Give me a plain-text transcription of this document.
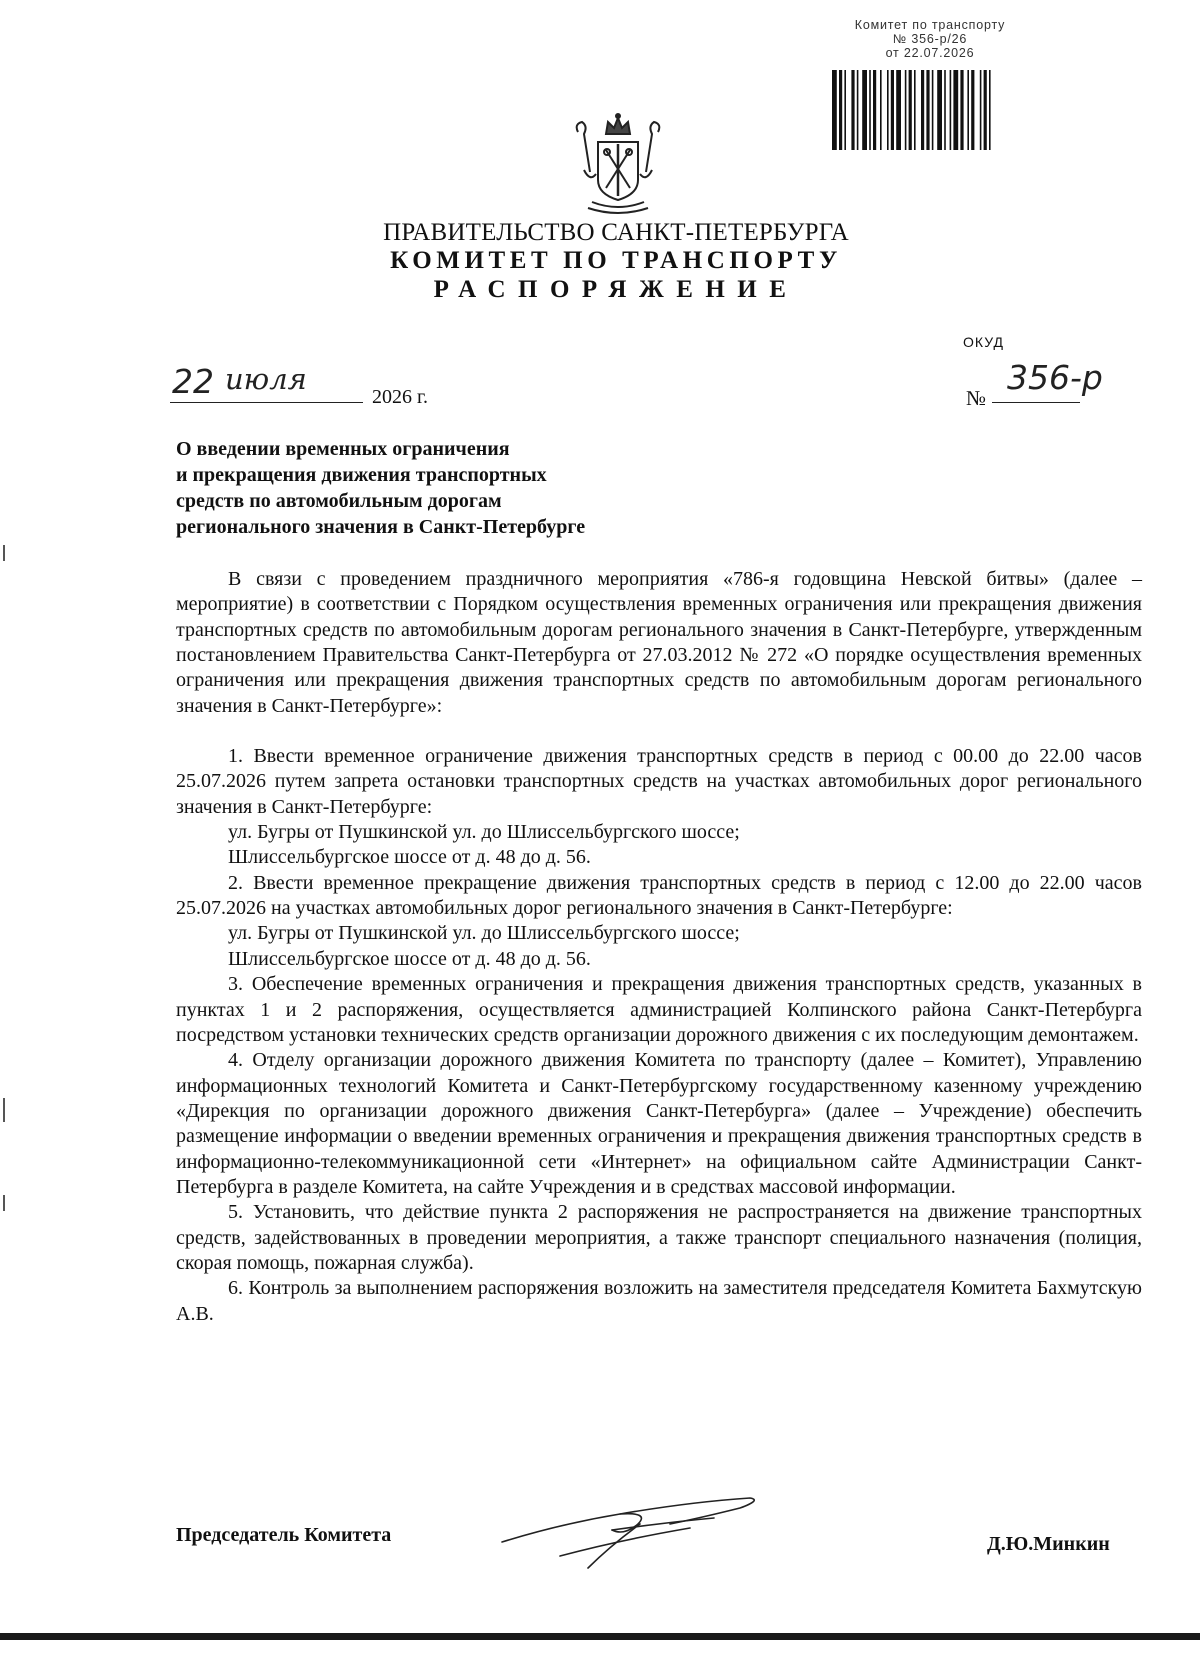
Комитет по транспорту
№ 356-р/26
от 22.07.2026
ПРАВИТЕЛЬСТВО САНКТ-ПЕТЕРБУРГА
КОМИТЕТ ПО ТРАНСПОРТУ
РАСПОРЯЖЕНИЕ
ОКУД
22 июля
2026 г.	№
356-р
О введении временных ограничения
и прекращения движения транспортных
средств по автомобильным дорогам
регионального значения в Санкт-Петербурге
В связи с проведением праздничного мероприятия «786-я годовщина Невской битвы» (далее – мероприятие) в соответствии с Порядком осуществления временных ограничения или прекращения движения транспортных средств по автомобильным дорогам регионального значения в Санкт-Петербурге, утвержденным постановлением Правительства Санкт-Петербурга от 27.03.2012 № 272 «О порядке осуществления временных ограничения или прекращения движения транспортных средств по автомобильным дорогам регионального значения в Санкт-Петербурге»:
1. Ввести временное ограничение движения транспортных средств в период с 00.00 до 22.00 часов 25.07.2026 путем запрета остановки транспортных средств на участках автомобильных дорог регионального значения в Санкт-Петербурге:
ул. Бугры от Пушкинской ул. до Шлиссельбургского шоссе;
Шлиссельбургское шоссе от д. 48 до д. 56.
2. Ввести временное прекращение движения транспортных средств в период с 12.00 до 22.00 часов 25.07.2026 на участках автомобильных дорог регионального значения в Санкт-Петербурге:
ул. Бугры от Пушкинской ул. до Шлиссельбургского шоссе;
Шлиссельбургское шоссе от д. 48 до д. 56.
3. Обеспечение временных ограничения и прекращения движения транспортных средств, указанных в пунктах 1 и 2 распоряжения, осуществляется администрацией Колпинского района Санкт-Петербурга посредством установки технических средств организации дорожного движения с их последующим демонтажем.
4. Отделу организации дорожного движения Комитета по транспорту (далее – Комитет), Управлению информационных технологий Комитета и Санкт-Петербургскому государственному казенному учреждению «Дирекция по организации дорожного движения Санкт-Петербурга» (далее – Учреждение) обеспечить размещение информации о введении временных ограничения и прекращения движения транспортных средств в информационно-телекоммуникационной сети «Интернет» на официальном сайте Администрации Санкт-Петербурга в разделе Комитета, на сайте Учреждения и в средствах массовой информации.
5. Установить, что действие пункта 2 распоряжения не распространяется на движение транспортных средств, задействованных в проведении мероприятия, а также транспорт специального назначения (полиция, скорая помощь, пожарная служба).
6. Контроль за выполнением распоряжения возложить на заместителя председателя Комитета Бахмутскую А.В.
Председатель Комитета	Д.Ю.Минкин
